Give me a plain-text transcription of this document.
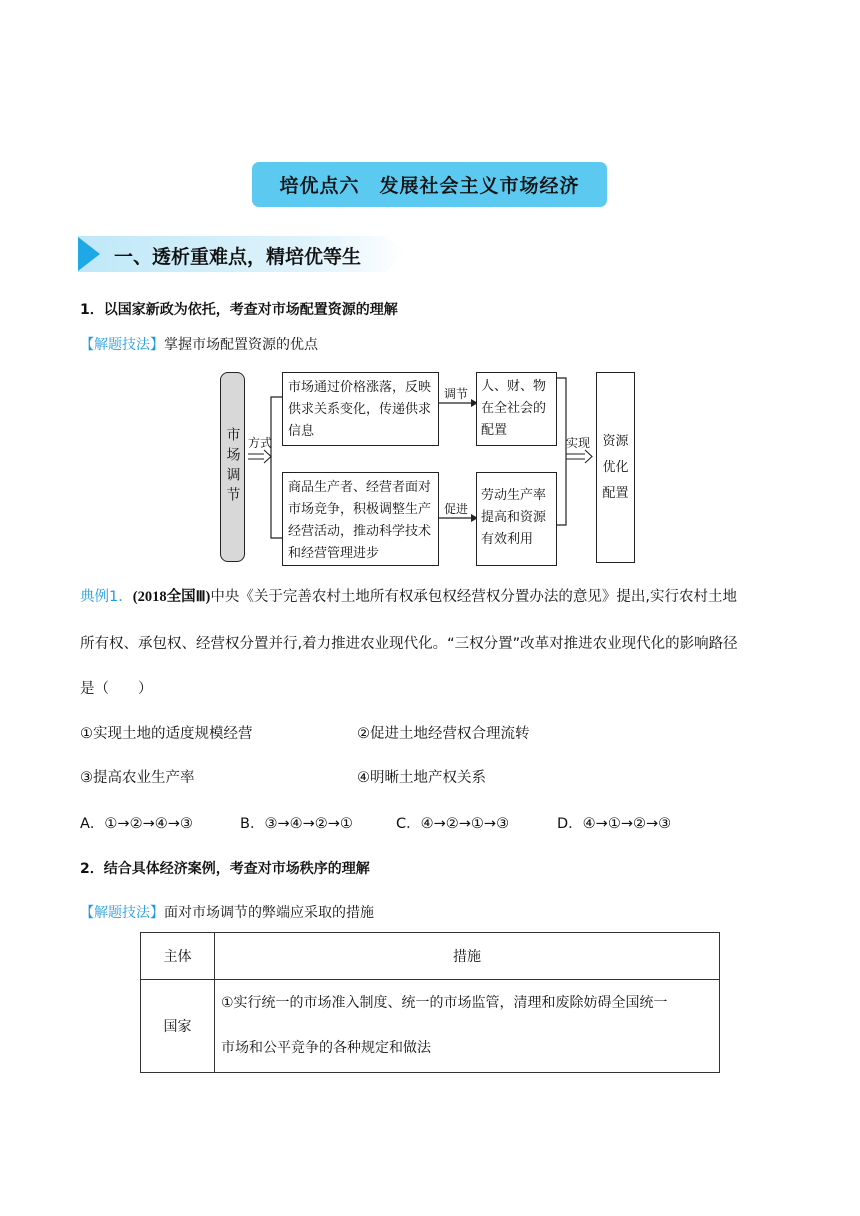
培优点六　发展社会主义市场经济
一、透析重难点，精培优等生
1．以国家新政为依托，考查对市场配置资源的理解
【解题技法】掌握市场配置资源的优点
市场调节 方式
市场通过价格涨落，反映供求关系变化，传递供求信息
商品生产者、经营者面对市场竞争，积极调整生产经营活动，推动科学技术和经营管理进步
调节
促进
人、财、物在全社会的配置
劳动生产率提高和资源有效利用
实现 资源优化配置
典例1．(2018全国Ⅲ)中央《关于完善农村土地所有权承包权经营权分置办法的意见》提出,实行农村土地
所有权、承包权、经营权分置并行,着力推进农业现代化。“三权分置”改革对推进农业现代化的影响路径
是（　　）
①实现土地的适度规模经营	②促进土地经营权合理流转
③提高农业生产率	④明晰土地产权关系
A．①→②→④→③	B．③→④→②→①	C．④→②→①→③	D．④→①→②→③
2．结合具体经济案例，考查对市场秩序的理解
【解题技法】面对市场调节的弊端应采取的措施
主体	措施
国家	①实行统一的市场准入制度、统一的市场监管，清理和废除妨碍全国统一
市场和公平竞争的各种规定和做法
